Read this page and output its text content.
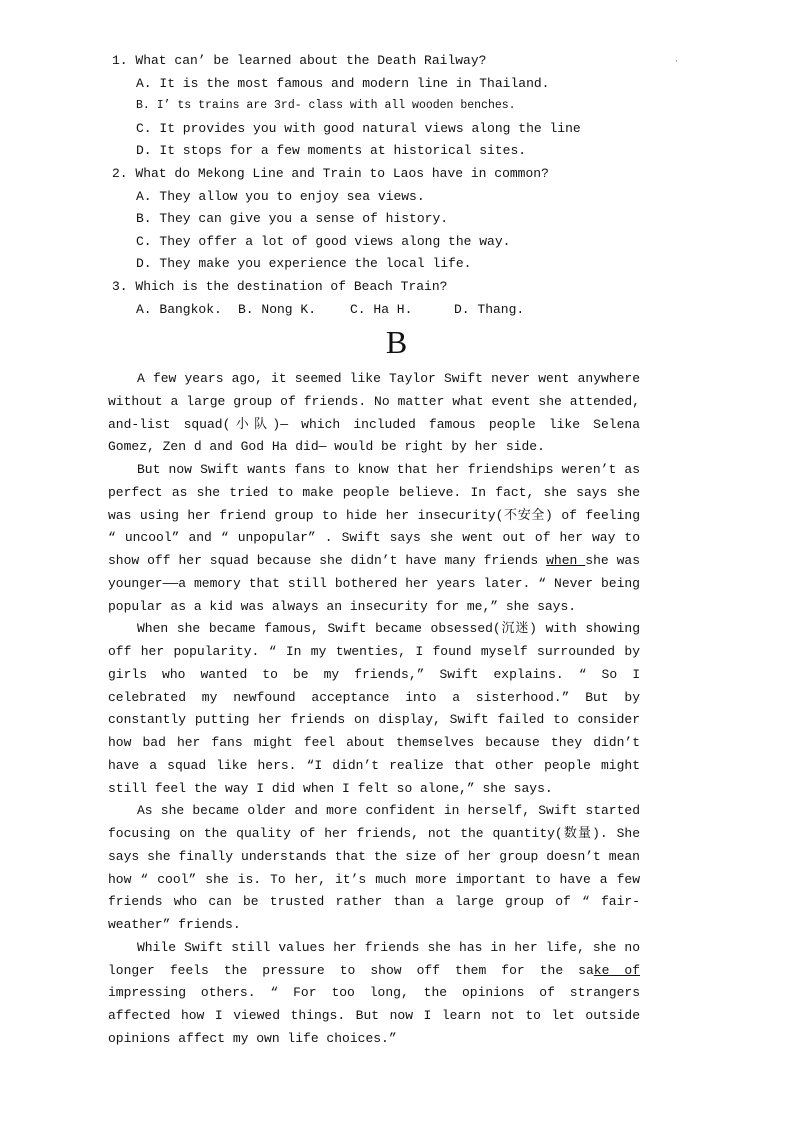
·
1. What can’ be learned about the Death Railway?
A. It is the most famous and modern line in Thailand.
B. I’ ts trains are 3rd- class with all wooden benches.
C. It provides you with good natural views along the line
D. It stops for a few moments at historical sites.
2. What do Mekong Line and Train to Laos have in common?
A. They allow you to enjoy sea views.
B. They can give you a sense of history.
C. They offer a lot of good views along the way.
D. They make you experience the local life.
3. Which is the destination of Beach Train?
A. Bangkok.	B. Nong K.	C. Ha H.	D. Thang.
B

A few years ago, it seemed like Taylor Swift never went anywhere without a large group of friends. No matter what event she attended, and-list squad(小队)— which included famous people like Selena Gomez, Zen d and God Ha did— would be right by her side.

But now Swift wants fans to know that her friendships weren’t as perfect as she tried to make people believe. In fact, she says she was using her friend group to hide her insecurity(不安全) of feeling “ uncool” and “ unpopular” . Swift says she went out of her way to show off her squad because she didn’t have many friends when she was younger——a memory that still bothered her years later. “ Never being popular as a kid was always an insecurity for me,” she says.

When she became famous, Swift became obsessed(沉迷) with showing off her popularity. “ In my twenties, I found myself surrounded by girls who wanted to be my friends,” Swift explains. “ So I celebrated my newfound acceptance into a sisterhood.” But by constantly putting her friends on display, Swift failed to consider how bad her fans might feel about themselves because they didn’t have a squad like hers. “I didn’t realize that other people might still feel the way I did when I felt so alone,” she says.

As she became older and more confident in herself, Swift started focusing on the quality of her friends, not the quantity(数量). She says she finally understands that the size of her group doesn’t mean how “ cool” she is. To her, it’s much more important to have a few friends who can be trusted rather than a large group of “ fair- weather” friends.

While Swift still values her friends she has in her life, she no longer feels the pressure to show off them for the sake of impressing others. “ For too long, the opinions of strangers affected how I viewed things. But now I learn not to let outside opinions affect my own life choices.”
